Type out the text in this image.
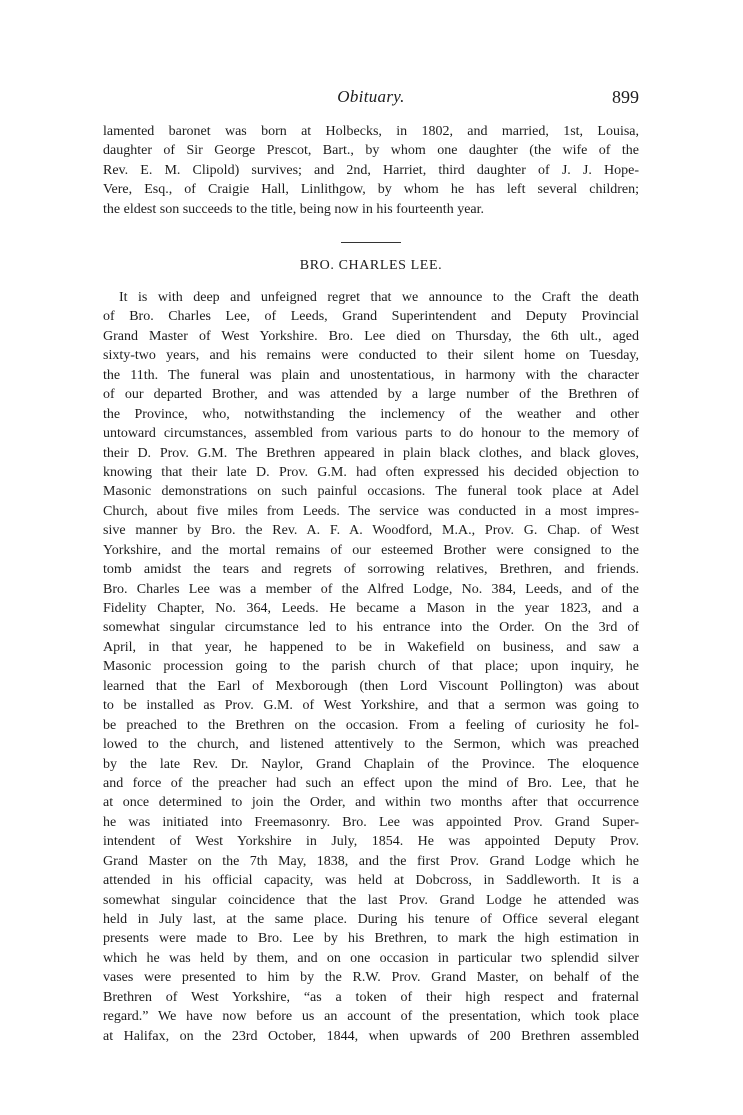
Obituary.	899
lamented baronet was born at Holbecks, in 1802, and married, 1st, Louisa,
daughter of Sir George Prescot, Bart., by whom one daughter (the wife of the
Rev. E. M. Clipold) survives; and 2nd, Harriet, third daughter of J. J. Hope-
Vere, Esq., of Craigie Hall, Linlithgow, by whom he has left several children;
the eldest son succeeds to the title, being now in his fourteenth year.
BRO. CHARLES LEE.
It is with deep and unfeigned regret that we announce to the Craft the death
of Bro. Charles Lee, of Leeds, Grand Superintendent and Deputy Provincial
Grand Master of West Yorkshire. Bro. Lee died on Thursday, the 6th ult., aged
sixty-two years, and his remains were conducted to their silent home on Tuesday,
the 11th. The funeral was plain and unostentatious, in harmony with the character
of our departed Brother, and was attended by a large number of the Brethren of
the Province, who, notwithstanding the inclemency of the weather and other
untoward circumstances, assembled from various parts to do honour to the memory of
their D. Prov. G.M. The Brethren appeared in plain black clothes, and black gloves,
knowing that their late D. Prov. G.M. had often expressed his decided objection to
Masonic demonstrations on such painful occasions. The funeral took place at Adel
Church, about five miles from Leeds. The service was conducted in a most impres-
sive manner by Bro. the Rev. A. F. A. Woodford, M.A., Prov. G. Chap. of West
Yorkshire, and the mortal remains of our esteemed Brother were consigned to the
tomb amidst the tears and regrets of sorrowing relatives, Brethren, and friends.
Bro. Charles Lee was a member of the Alfred Lodge, No. 384, Leeds, and of the
Fidelity Chapter, No. 364, Leeds. He became a Mason in the year 1823, and a
somewhat singular circumstance led to his entrance into the Order. On the 3rd of
April, in that year, he happened to be in Wakefield on business, and saw a
Masonic procession going to the parish church of that place; upon inquiry, he
learned that the Earl of Mexborough (then Lord Viscount Pollington) was about
to be installed as Prov. G.M. of West Yorkshire, and that a sermon was going to
be preached to the Brethren on the occasion. From a feeling of curiosity he fol-
lowed to the church, and listened attentively to the Sermon, which was preached
by the late Rev. Dr. Naylor, Grand Chaplain of the Province. The eloquence
and force of the preacher had such an effect upon the mind of Bro. Lee, that he
at once determined to join the Order, and within two months after that occurrence
he was initiated into Freemasonry. Bro. Lee was appointed Prov. Grand Super-
intendent of West Yorkshire in July, 1854. He was appointed Deputy Prov.
Grand Master on the 7th May, 1838, and the first Prov. Grand Lodge which he
attended in his official capacity, was held at Dobcross, in Saddleworth. It is a
somewhat singular coincidence that the last Prov. Grand Lodge he attended was
held in July last, at the same place. During his tenure of Office several elegant
presents were made to Bro. Lee by his Brethren, to mark the high estimation in
which he was held by them, and on one occasion in particular two splendid silver
vases were presented to him by the R.W. Prov. Grand Master, on behalf of the
Brethren of West Yorkshire, “as a token of their high respect and fraternal
regard.” We have now before us an account of the presentation, which took place
at Halifax, on the 23rd October, 1844, when upwards of 200 Brethren assembled
